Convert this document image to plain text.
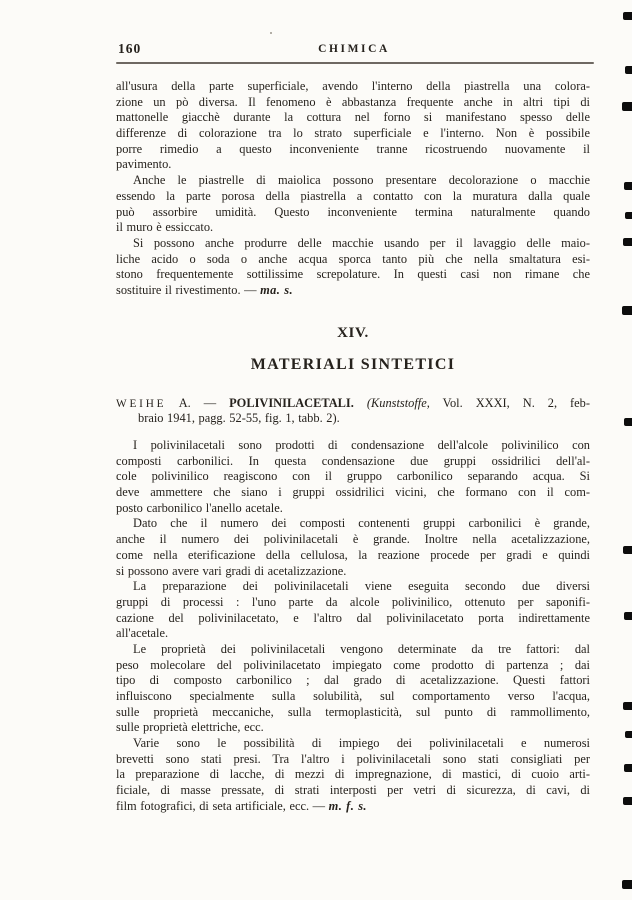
160	CHIMICA
all'usura della parte superficiale, avendo l'interno della piastrella una colora-
zione un pò diversa. Il fenomeno è abbastanza frequente anche in altri tipi di
mattonelle giacchè durante la cottura nel forno si manifestano spesso delle
differenze di colorazione tra lo strato superficiale e l'interno. Non è possibile
porre rimedio a questo inconveniente tranne ricostruendo nuovamente il
pavimento.
Anche le piastrelle di maiolica possono presentare decolorazione o macchie
essendo la parte porosa della piastrella a contatto con la muratura dalla quale
può assorbire umidità. Questo inconveniente termina naturalmente quando
il muro è essiccato.
Si possono anche produrre delle macchie usando per il lavaggio delle maio-
liche acido o soda o anche acqua sporca tanto più che nella smaltatura esi-
stono frequentemente sottilissime screpolature. In questi casi non rimane che
sostituire il rivestimento. — ma. s.
XIV.
MATERIALI SINTETICI
WEIHE A. — POLIVINILACETALI. (Kunststoffe, Vol. XXXI, N. 2, feb-
braio 1941, pagg. 52-55, fig. 1, tabb. 2).
I polivinilacetali sono prodotti di condensazione dell'alcole polivinilico con
composti carbonilici. In questa condensazione due gruppi ossidrilici dell'al-
cole polivinilico reagiscono con il gruppo carbonilico separando acqua. Si
deve ammettere che siano i gruppi ossidrilici vicini, che formano con il com-
posto carbonilico l'anello acetale.
Dato che il numero dei composti contenenti gruppi carbonilici è grande,
anche il numero dei polivinilacetali è grande. Inoltre nella acetalizzazione,
come nella eterificazione della cellulosa, la reazione procede per gradi e quindi
si possono avere vari gradi di acetalizzazione.
La preparazione dei polivinilacetali viene eseguita secondo due diversi
gruppi di processi : l'uno parte da alcole polivinilico, ottenuto per saponifi-
cazione del polivinilacetato, e l'altro dal polivinilacetato porta indirettamente
all'acetale.
Le proprietà dei polivinilacetali vengono determinate da tre fattori: dal
peso molecolare del polivinilacetato impiegato come prodotto di partenza ; dai
tipo di composto carbonilico ; dal grado di acetalizzazione. Questi fattori
influiscono specialmente sulla solubilità, sul comportamento verso l'acqua,
sulle proprietà meccaniche, sulla termoplasticità, sul punto di rammollimento,
sulle proprietà elettriche, ecc.
Varie sono le possibilità di impiego dei polivinilacetali e numerosi
brevetti sono stati presi. Tra l'altro i polivinilacetali sono stati consigliati per
la preparazione di lacche, di mezzi di impregnazione, di mastici, di cuoio arti-
ficiale, di masse pressate, di strati interposti per vetri di sicurezza, di cavi, di
film fotografici, di seta artificiale, ecc. — m. f. s.
